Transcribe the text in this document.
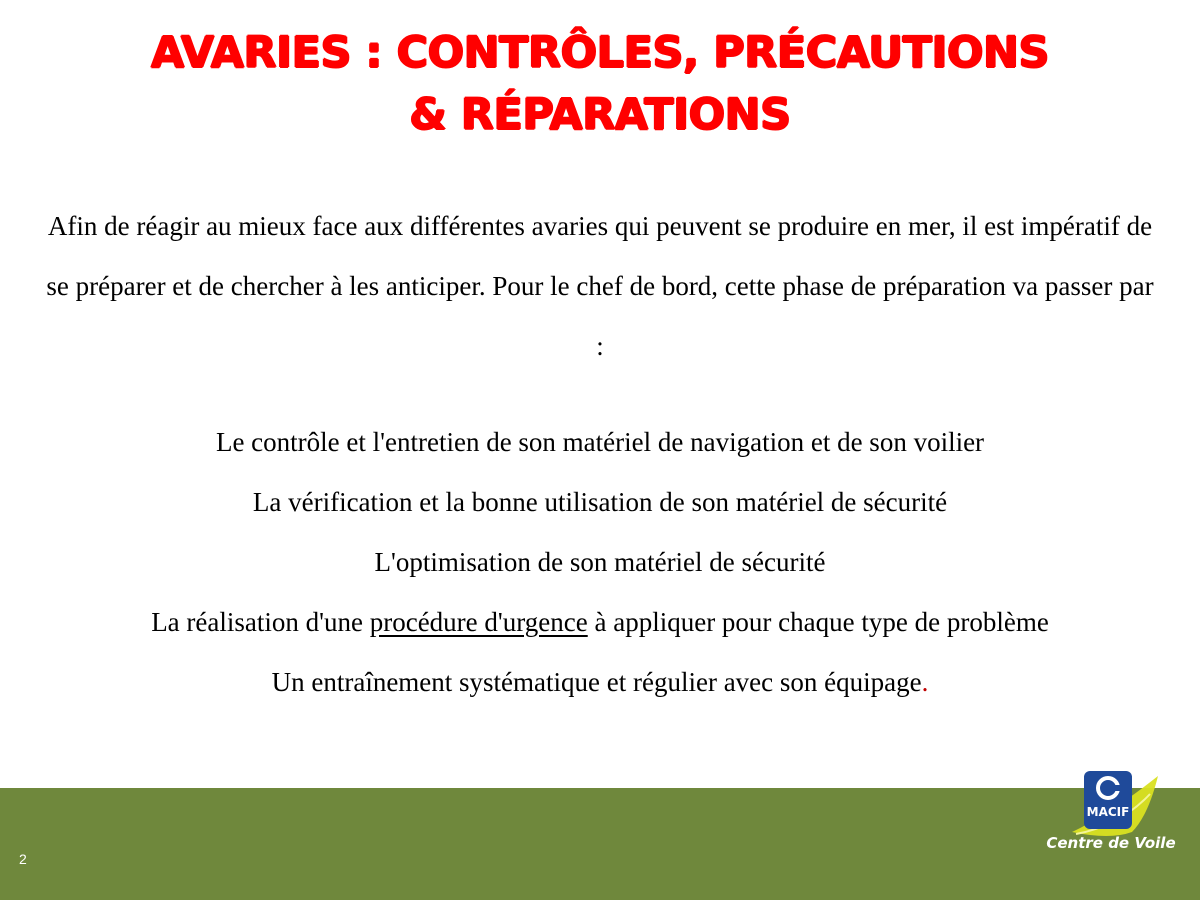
AVARIES : CONTRÔLES, PRÉCAUTIONS
& RÉPARATIONS

Afin de réagir au mieux face aux différentes avaries qui peuvent se produire en mer, il est impératif de se préparer et de chercher à les anticiper. Pour le chef de bord, cette phase de préparation va passer par :

Le contrôle et l'entretien de son matériel de navigation et de son voilier
La vérification et la bonne utilisation de son matériel de sécurité
L'optimisation de son matériel de sécurité
La réalisation d'une procédure d'urgence à appliquer pour chaque type de problème
Un entraînement systématique et régulier avec son équipage.
2
MACIF
Centre de Voile
